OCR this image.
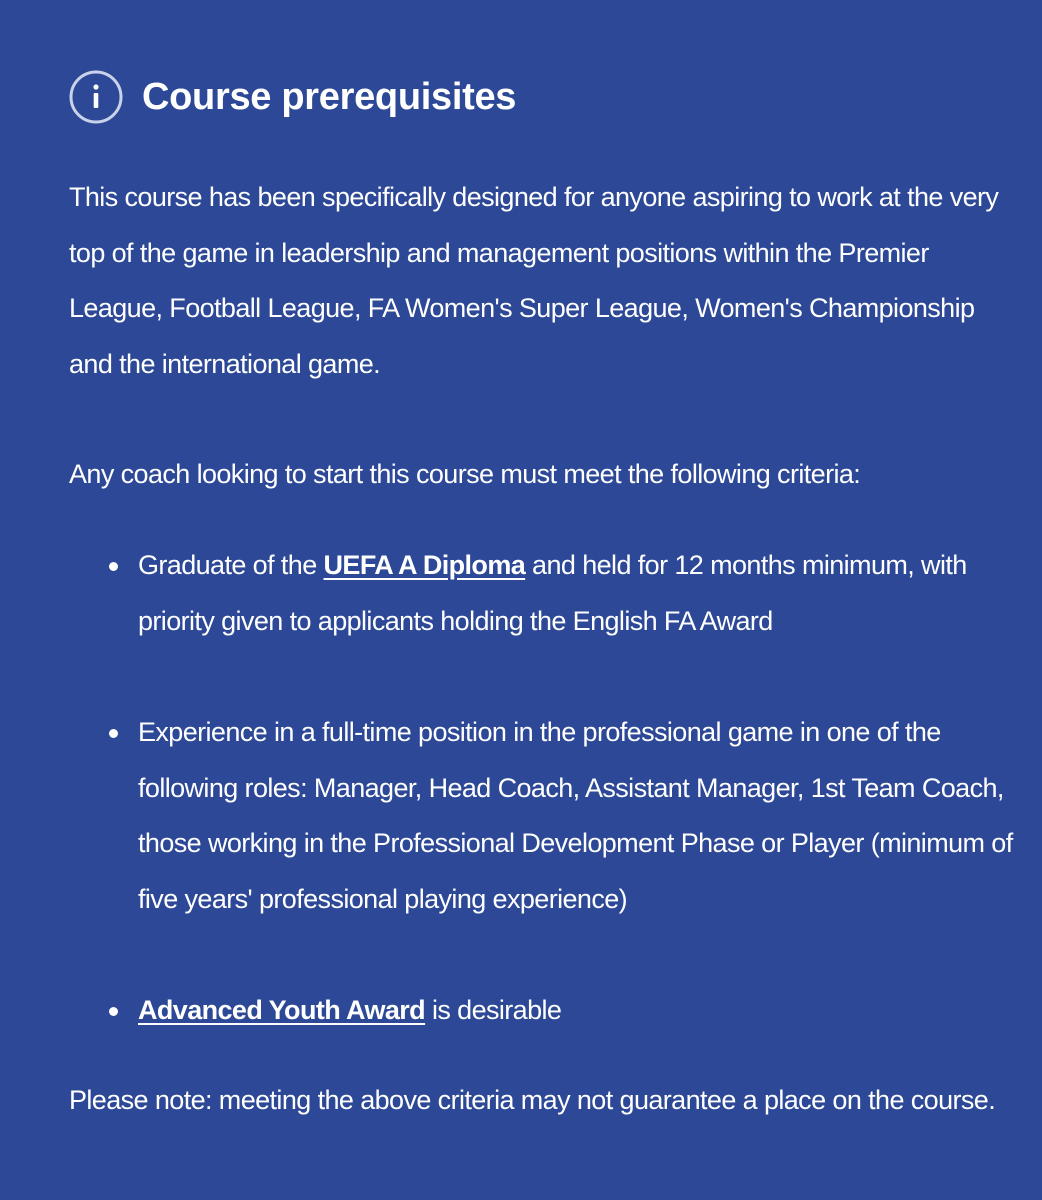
Course prerequisites

This course has been specifically designed for anyone aspiring to work at the very top of the game in leadership and management positions within the Premier League, Football League, FA Women's Super League, Women's Championship and the international game.

Any coach looking to start this course must meet the following criteria:

Graduate of the UEFA A Diploma and held for 12 months minimum, with priority given to applicants holding the English FA Award
Experience in a full-time position in the professional game in one of the following roles: Manager, Head Coach, Assistant Manager, 1st Team Coach, those working in the Professional Development Phase or Player (minimum of five years' professional playing experience)
Advanced Youth Award is desirable

Please note: meeting the above criteria may not guarantee a place on the course.
